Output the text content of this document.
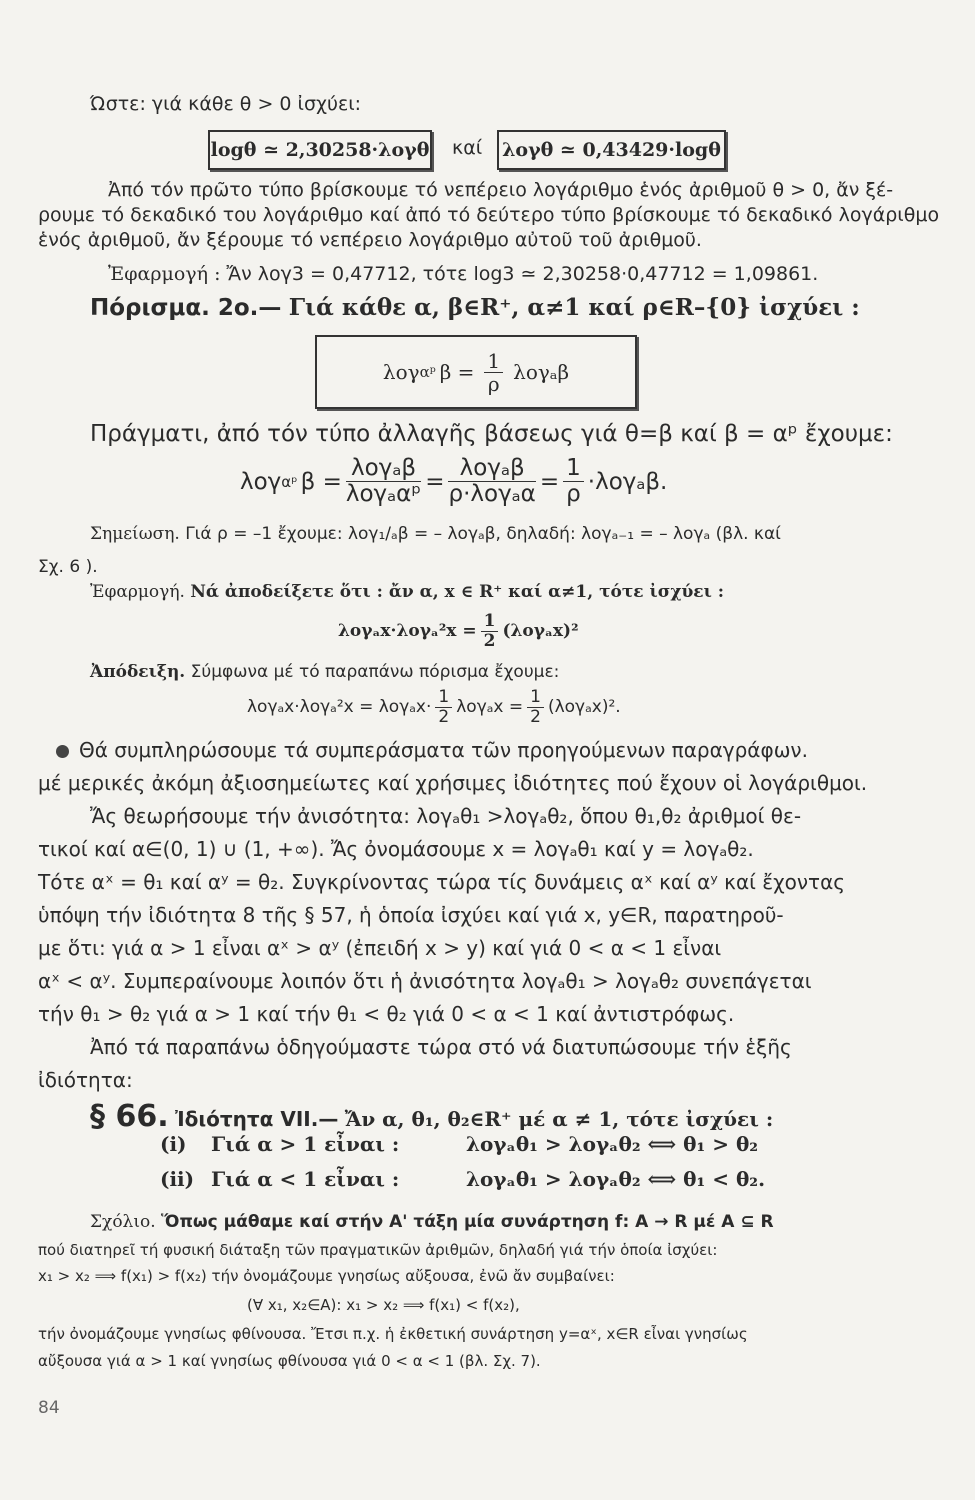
Ώστε: γιά κάθε θ > 0 ἰσχύει:
logθ ≃ 2,30258·λογθ καί λογθ ≃ 0,43429·logθ
Ἀπό τόν πρῶτο τύπο βρίσκουμε τό νεπέρειο λογάριθμο ἑνός ἀριθμοῦ θ > 0, ἄν ξέ-
ρουμε τό δεκαδικό του λογάριθμο καί ἀπό τό δεύτερο τύπο βρίσκουμε τό δεκαδικό λογάριθμο
ἑνός ἀριθμοῦ, ἄν ξέρουμε τό νεπέρειο λογάριθμο αὐτοῦ τοῦ ἀριθμοῦ.
Ἐφαρμογή : Ἄν λογ3 = 0,47712, τότε log3 ≃ 2,30258·0,47712 = 1,09861.
Πόρισμα. 2ο.— Γιά κάθε α, β∈R⁺, α≠1 καί ρ∈R–{0} ἰσχύει :
λογ αᵖ $\beta = \frac{1}{\rho}$ λογₐβ
Πράγματι, ἀπό τόν τύπο ἀλλαγῆς βάσεως γιά θ=β καί β = αᵖ ἔχουμε:
λογ αᵖ $\beta = \frac{\text{λογₐβ}}{\text{λογₐαᵖ}} = \frac{\text{λογₐβ}}{\text{ρ·λογₐα}} = \frac{1}{\rho} \cdot\lambda o\gamma_a\beta$.
Σημείωση. Γιά ρ = –1 ἔχουμε: λογ₁/ₐβ = – λογₐβ, δηλαδή: λογₐ₋₁ = – λογₐ (βλ. καί
Σχ. 6 ).
Ἐφαρμογή. Νά ἀποδείξετε ὅτι : ἄν α, x ∈ R⁺ καί α≠1, τότε ἰσχύει :
$\lambda o\gamma_ax\cdot\lambda o\gamma_a^2x = \frac{1}{2} (\lambda o\gamma_ax)^2$
Ἀπόδειξη. Σύμφωνα μέ τό παραπάνω πόρισμα ἔχουμε:
$\lambda o\gamma_ax\cdot\lambda o\gamma_a^2x = \lambda o\gamma_ax\cdot \frac{1}{2}$ $\lambda o\gamma_ax = \frac{1}{2} (\lambda o\gamma_ax)^2$.
Θά συμπληρώσουμε τά συμπεράσματα τῶν προηγούμενων παραγράφων.
μέ μερικές ἀκόμη ἀξιοσημείωτες καί χρήσιμες ἰδιότητες πού ἔχουν οἱ λογάριθμοι.
Ἄς θεωρήσουμε τήν ἀνισότητα: λογₐθ₁ >λογₐθ₂, ὅπου θ₁,θ₂ ἀριθμοί θε-
τικοί καί α∈(0, 1) ∪ (1, +∞). Ἄς ὀνομάσουμε x = λογₐθ₁ καί y = λογₐθ₂.
Τότε αˣ = θ₁ καί αʸ = θ₂. Συγκρίνοντας τώρα τίς δυνάμεις αˣ καί αʸ καί ἔχοντας
ὑπόψη τήν ἰδιότητα 8 τῆς § 57, ἡ ὁποία ἰσχύει καί γιά x, y∈R, παρατηροῦ-
με ὅτι: γιά α > 1 εἶναι αˣ > αʸ (ἐπειδή x > y) καί γιά 0 < α < 1 εἶναι
αˣ < αʸ. Συμπεραίνουμε λοιπόν ὅτι ἡ ἀνισότητα λογₐθ₁ > λογₐθ₂ συνεπάγεται
τήν θ₁ > θ₂ γιά α > 1 καί τήν θ₁ < θ₂ γιά 0 < α < 1 καί ἀντιστρόφως.
Ἀπό τά παραπάνω ὁδηγούμαστε τώρα στό νά διατυπώσουμε τήν ἑξῆς
ἰδιότητα:
§ 66. Ἰδιότητα VII.— Ἄν α, θ₁, θ₂∈R⁺ μέ α ≠ 1, τότε ἰσχύει :
(i) Γιά α > 1 εἶναι :	λογₐθ₁ > λογₐθ₂ ⟺ θ₁ > θ₂
(ii) Γιά α < 1 εἶναι :	λογₐθ₁ > λογₐθ₂ ⟺ θ₁ < θ₂.
Σχόλιο. Ὅπως μάθαμε καί στήν Α' τάξη μία συνάρτηση f: A → R μέ A ⊆ R
πού διατηρεῖ τή φυσική διάταξη τῶν πραγματικῶν ἀριθμῶν, δηλαδή γιά τήν ὁποία ἰσχύει:
x₁ > x₂ ⟹ f(x₁) > f(x₂) τήν ὀνομάζουμε γνησίως αὔξουσα, ἐνῶ ἄν συμβαίνει:
(∀ x₁, x₂∈A): x₁ > x₂ ⟹ f(x₁) < f(x₂),
τήν ὀνομάζουμε γνησίως φθίνουσα. Ἔτσι π.χ. ἡ ἐκθετική συνάρτηση y=αˣ, x∈R εἶναι γνησίως
αὔξουσα γιά α > 1 καί γνησίως φθίνουσα γιά 0 < α < 1 (βλ. Σχ. 7).
84
